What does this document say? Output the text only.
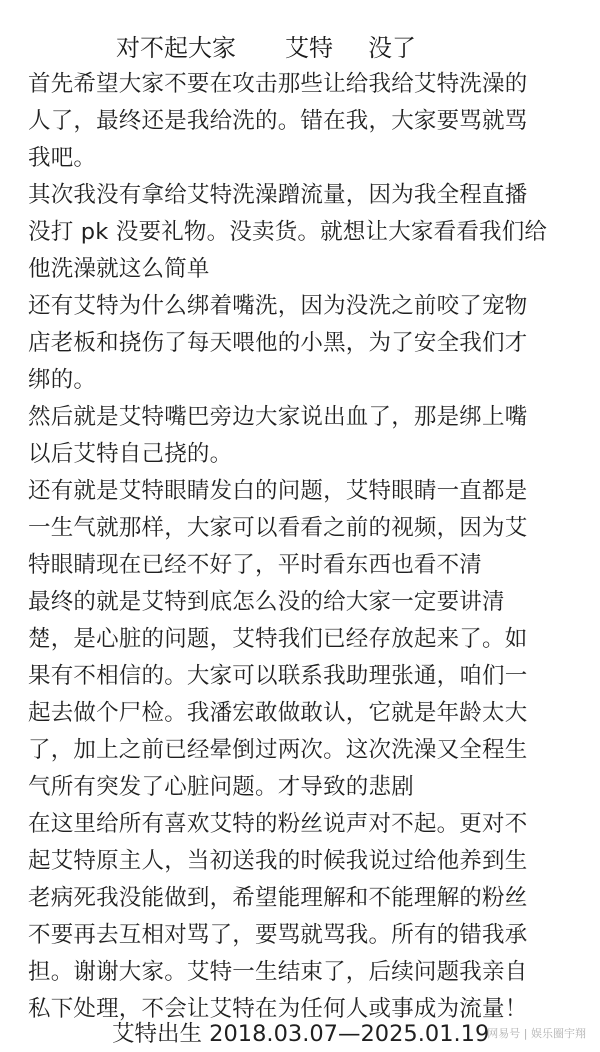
对不起大家 艾特 没了
首先希望大家不要在攻击那些让给我给艾特洗澡的
人了，最终还是我给洗的。错在我，大家要骂就骂
我吧。
其次我没有拿给艾特洗澡蹭流量，因为我全程直播
没打 pk 没要礼物。没卖货。就想让大家看看我们给
他洗澡就这么简单
还有艾特为什么绑着嘴洗，因为没洗之前咬了宠物
店老板和挠伤了每天喂他的小黑，为了安全我们才
绑的。
然后就是艾特嘴巴旁边大家说出血了，那是绑上嘴
以后艾特自己挠的。
还有就是艾特眼睛发白的问题，艾特眼睛一直都是
一生气就那样，大家可以看看之前的视频，因为艾
特眼睛现在已经不好了，平时看东西也看不清
最终的就是艾特到底怎么没的给大家一定要讲清
楚，是心脏的问题，艾特我们已经存放起来了。如
果有不相信的。大家可以联系我助理张通，咱们一
起去做个尸检。我潘宏敢做敢认，它就是年龄太大
了，加上之前已经晕倒过两次。这次洗澡又全程生
气所有突发了心脏问题。才导致的悲剧
在这里给所有喜欢艾特的粉丝说声对不起。更对不
起艾特原主人，当初送我的时候我说过给他养到生
老病死我没能做到，希望能理解和不能理解的粉丝
不要再去互相对骂了，要骂就骂我。所有的错我承
担。谢谢大家。艾特一生结束了，后续问题我亲自
私下处理，不会让艾特在为任何人或事成为流量！
艾特出生 2018.03.07—2025.01.19
网易号 | 娱乐圈宇翔
